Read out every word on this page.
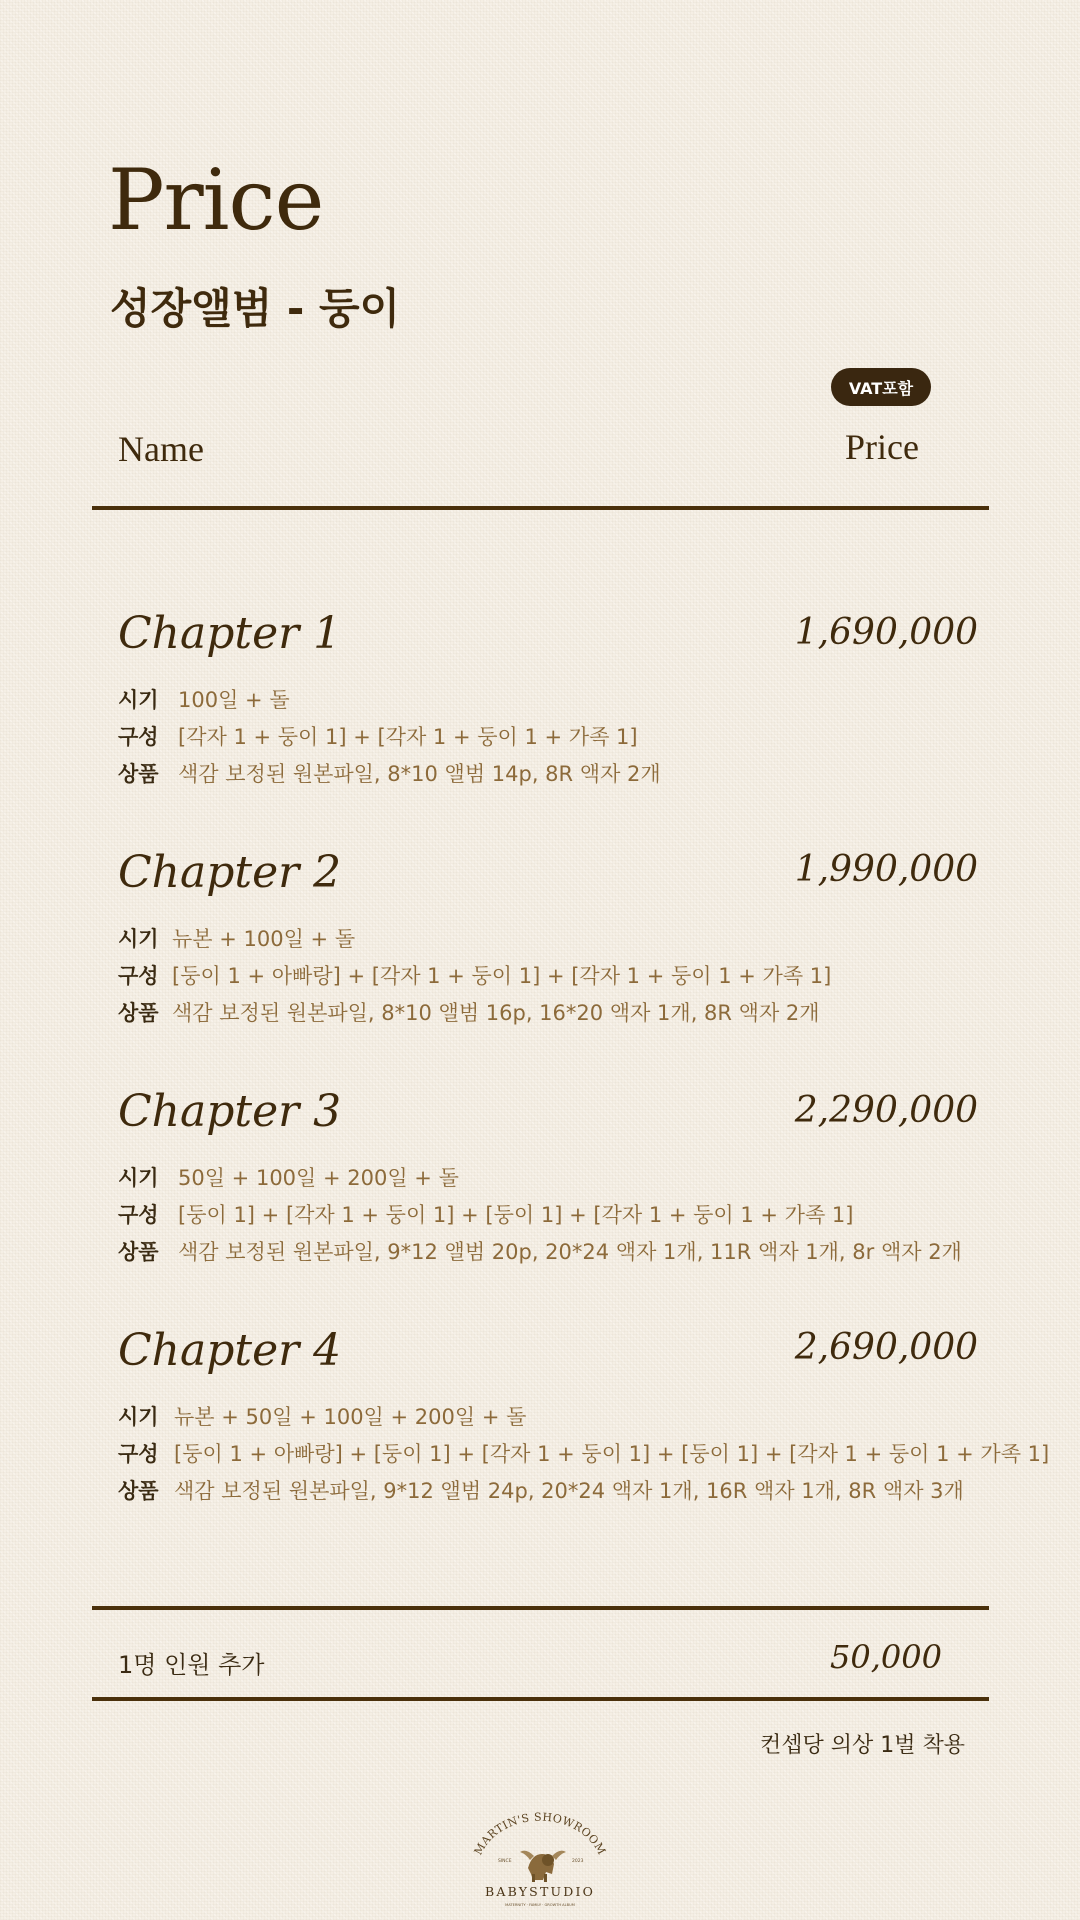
Price
성장앨범 - 둥이
VAT포함
Name	Price
Chapter 1	1,690,000
시기 100일 + 돌
구성 [각자 1 + 둥이 1] + [각자 1 + 둥이 1 + 가족 1]
상품 색감 보정된 원본파일, 8*10 앨범 14p, 8R 액자 2개
Chapter 2	1,990,000
시기 뉴본 + 100일 + 돌
구성 [둥이 1 + 아빠랑] + [각자 1 + 둥이 1] + [각자 1 + 둥이 1 + 가족 1]
상품 색감 보정된 원본파일, 8*10 앨범 16p, 16*20 액자 1개, 8R 액자 2개
Chapter 3	2,290,000
시기 50일 + 100일 + 200일 + 돌
구성 [둥이 1] + [각자 1 + 둥이 1] + [둥이 1] + [각자 1 + 둥이 1 + 가족 1]
상품 색감 보정된 원본파일, 9*12 앨범 20p, 20*24 액자 1개, 11R 액자 1개, 8r 액자 2개
Chapter 4	2,690,000
시기 뉴본 + 50일 + 100일 + 200일 + 돌
구성 [둥이 1 + 아빠랑] + [둥이 1] + [각자 1 + 둥이 1] + [둥이 1] + [각자 1 + 둥이 1 + 가족 1]
상품 색감 보정된 원본파일, 9*12 앨범 24p, 20*24 액자 1개, 16R 액자 1개, 8R 액자 3개
1명 인원 추가	50,000
컨셉당 의상 1벌 착용
MARTIN'S SHOWROOM
SINCE	2023
BABYSTUDIO
MATERNITY · FAMILY · GROWTH ALBUM
